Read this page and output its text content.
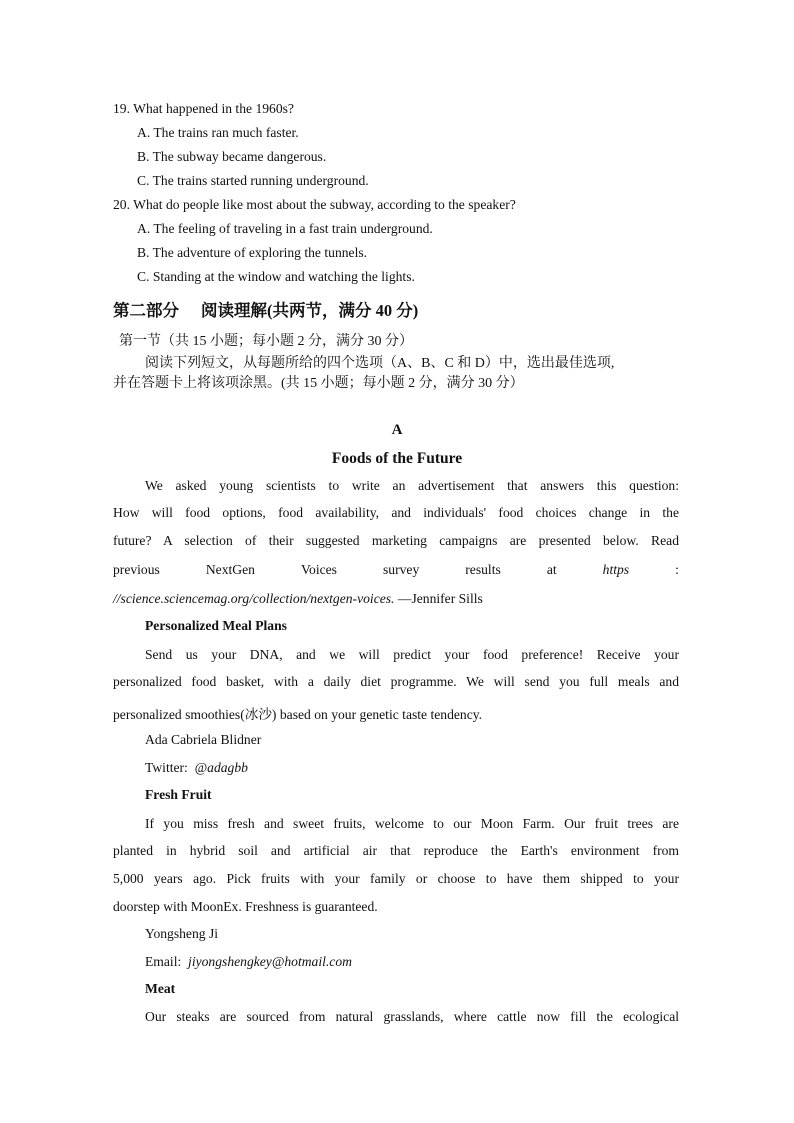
19. What happened in the 1960s?
A. The trains ran much faster.
B. The subway became dangerous.
C. The trains started running underground.
20. What do people like most about the subway, according to the speaker?
A. The feeling of traveling in a fast train underground.
B. The adventure of exploring the tunnels.
C. Standing at the window and watching the lights.
第二部分 阅读理解(共两节，满分 40 分)
第一节（共 15 小题；每小题 2 分，满分 30 分）
阅读下列短文，从每题所给的四个选项（A、B、C 和 D）中，选出最佳选项,
并在答题卡上将该项涂黑。(共 15 小题；每小题 2 分，满分 30 分）
A
Foods of the Future
We asked young scientists to write an advertisement that answers this question:
How will food options, food availability, and individuals' food choices change in the
future? A selection of their suggested marketing campaigns are presented below. Read
previous	NextGen	Voices	survey	results	at	https	:
//science.sciencemag.org/collection/nextgen-voices. —Jennifer Sills
Personalized Meal Plans
Send us your DNA, and we will predict your food preference! Receive your
personalized food basket, with a daily diet programme. We will send you full meals and
personalized smoothies(冰沙) based on your genetic taste tendency.
Ada Cabriela Blidner
Twitter: @adagbb
Fresh Fruit
If you miss fresh and sweet fruits, welcome to our Moon Farm. Our fruit trees are
planted in hybrid soil and artificial air that reproduce the Earth's environment from
5,000 years ago. Pick fruits with your family or choose to have them shipped to your
doorstep with MoonEx. Freshness is guaranteed.
Yongsheng Ji
Email: jiyongshengkey@hotmail.com
Meat
Our steaks are sourced from natural grasslands, where cattle now fill the ecological
